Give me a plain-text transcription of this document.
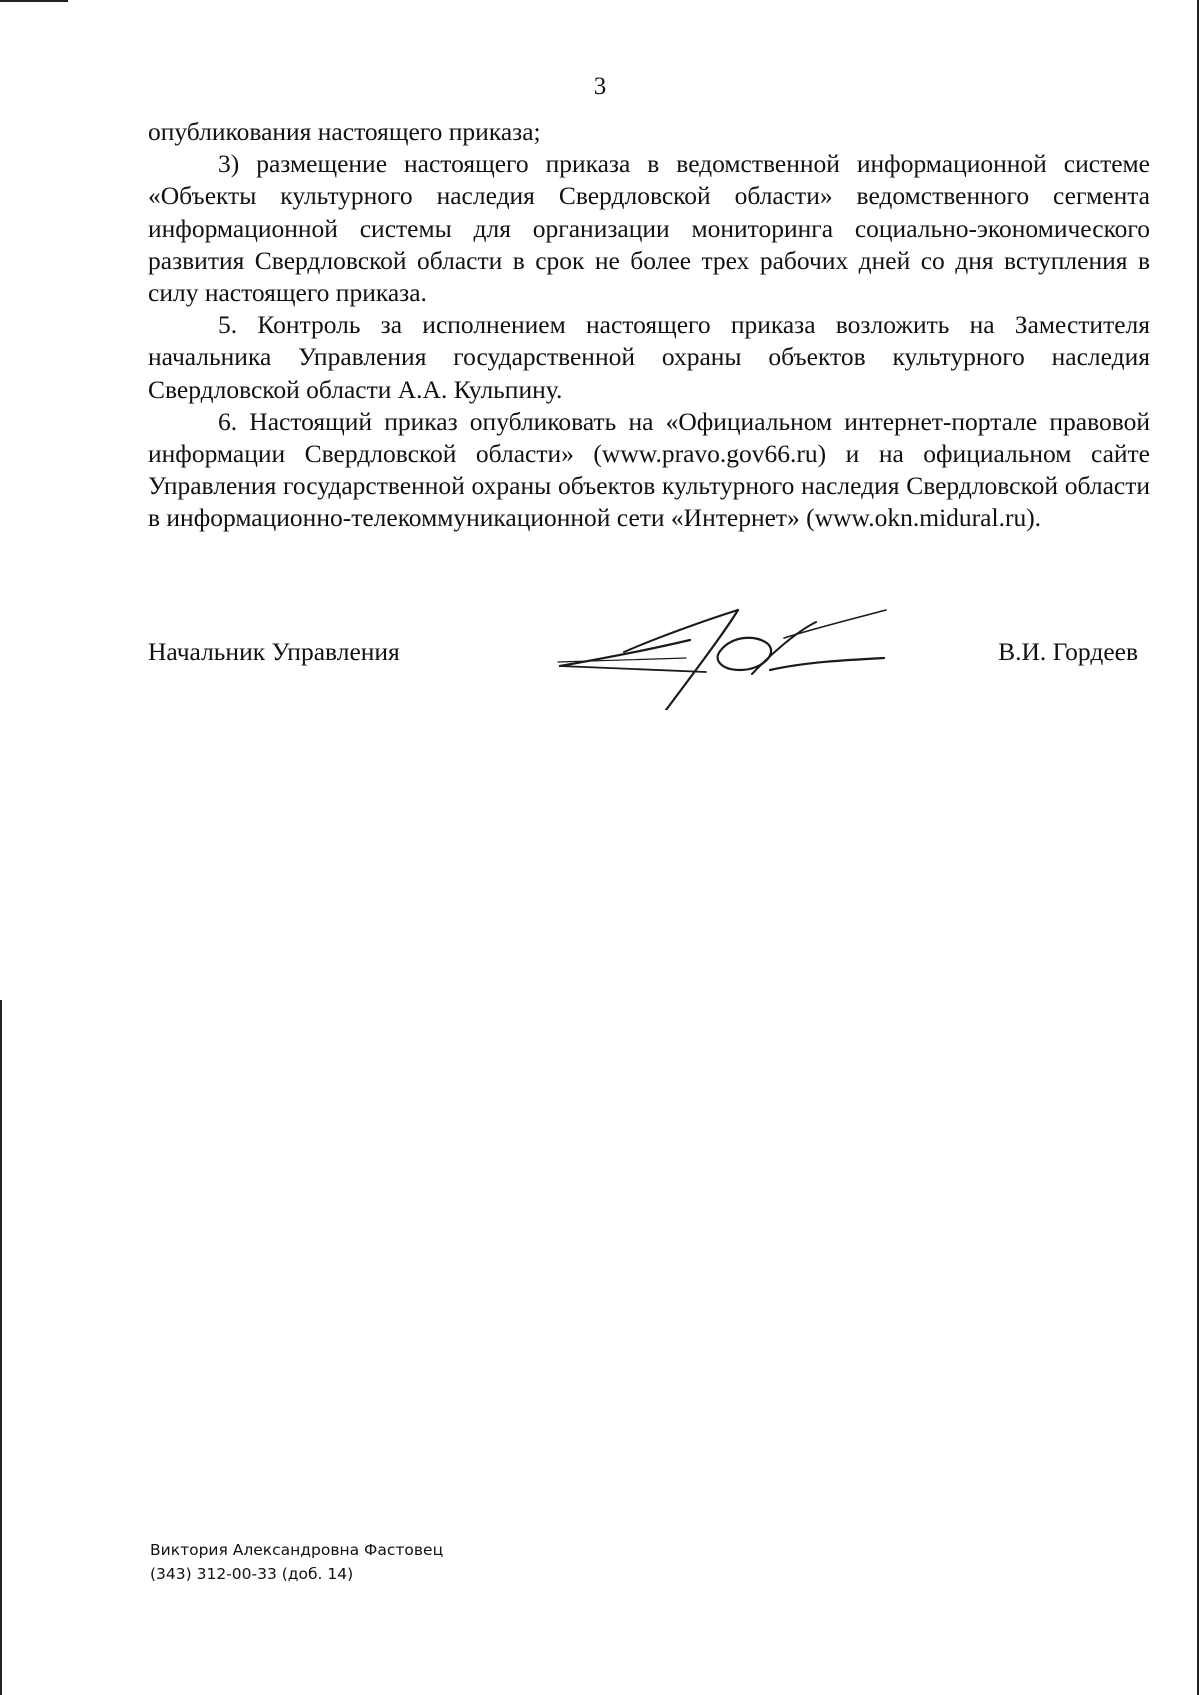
3

опубликования настоящего приказа;

3) размещение настоящего приказа в ведомственной информационной системе «Объекты культурного наследия Свердловской области» ведомственного сегмента информационной системы для организации мониторинга социально-экономического развития Свердловской области в срок не более трех рабочих дней со дня вступления в силу настоящего приказа.

5. Контроль за исполнением настоящего приказа возложить на Заместителя начальника Управления государственной охраны объектов культурного наследия Свердловской области А.А. Кульпину.

6. Настоящий приказ опубликовать на «Официальном интернет-портале правовой информации Свердловской области» (www.pravo.gov66.ru) и на официальном сайте Управления государственной охраны объектов культурного наследия Свердловской области в информационно-телекоммуникационной сети «Интернет» (www.okn.midural.ru).

Начальник Управления	В.И. Гордеев
Виктория Александровна Фастовец
(343) 312-00-33 (доб. 14)
